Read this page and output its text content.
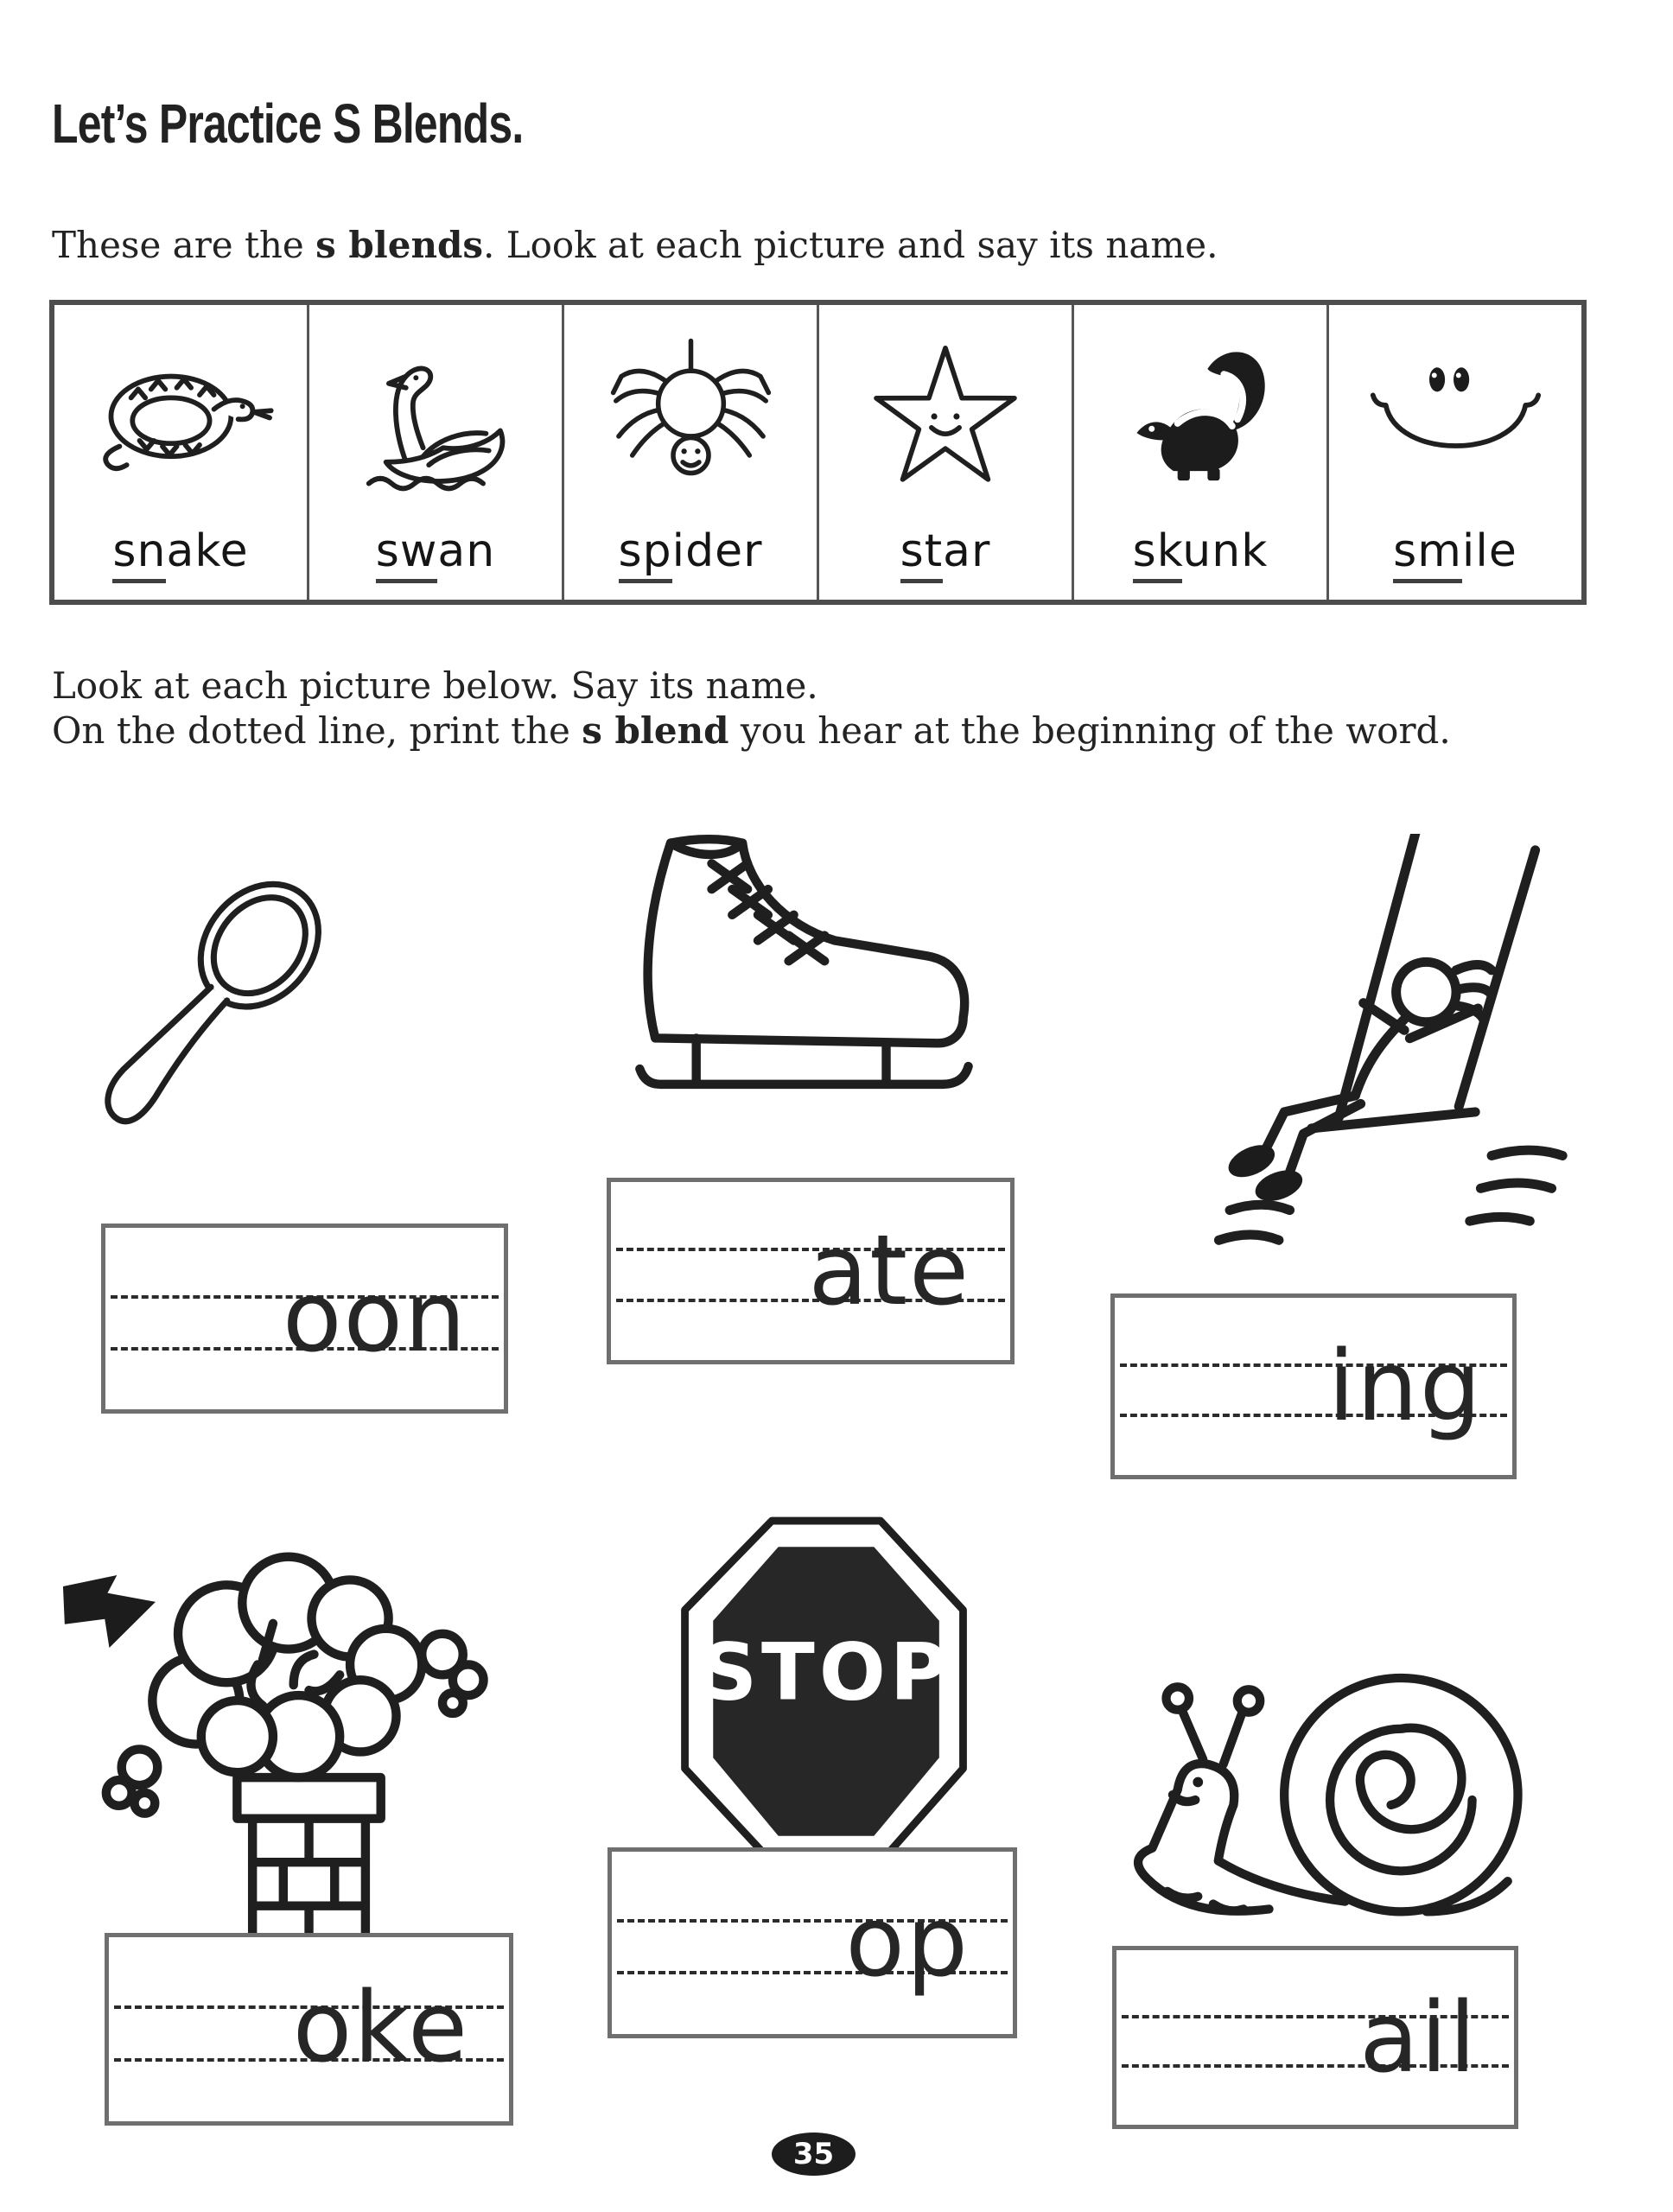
Let’s Practice S Blends.
These are the s blends. Look at each picture and say its name.
snake	swan	spider	star	skunk	smile
Look at each picture below. Say its name.
On the dotted line, print the s blend you hear at the beginning of the word.
oon	ate
ing
STOP
oke
op
ail
35
